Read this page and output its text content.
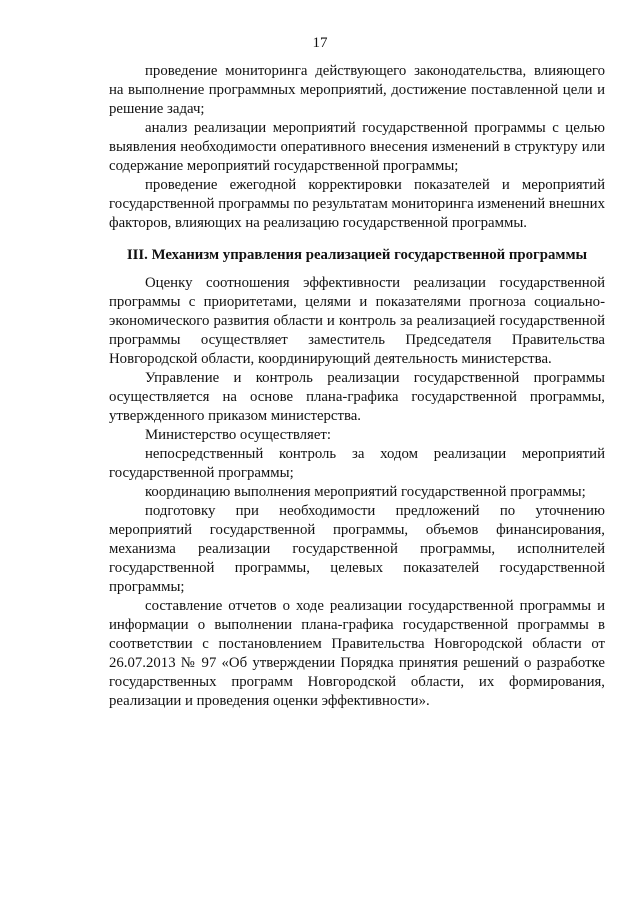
17

проведение мониторинга действующего законодательства, влияющего на выполнение программных мероприятий, достижение поставленной цели и решение задач;

анализ реализации мероприятий государственной программы с целью выявления необходимости оперативного внесения изменений в структуру или содержание мероприятий государственной программы;

проведение ежегодной корректировки показателей и мероприятий государственной программы по результатам мониторинга изменений внешних факторов, влияющих на реализацию государственной программы.

III. Механизм управления реализацией государственной программы

Оценку соотношения эффективности реализации государственной программы с приоритетами, целями и показателями прогноза социально-экономического развития области и контроль за реализацией государственной программы осуществляет заместитель Председателя Правительства Новгородской области, координирующий деятельность министерства.

Управление и контроль реализации государственной программы осуществляется на основе плана-графика государственной программы, утвержденного приказом министерства.

Министерство осуществляет:

непосредственный контроль за ходом реализации мероприятий государственной программы;

координацию выполнения мероприятий государственной программы;

подготовку при необходимости предложений по уточнению мероприятий государственной программы, объемов финансирования, механизма реализации государственной программы, исполнителей государственной программы, целевых показателей государственной программы;

составление отчетов о ходе реализации государственной программы и информации о выполнении плана-графика государственной программы в соответствии с постановлением Правительства Новгородской области от 26.07.2013 № 97 «Об утверждении Порядка принятия решений о разработке государственных программ Новгородской области, их формирования, реализации и проведения оценки эффективности».
